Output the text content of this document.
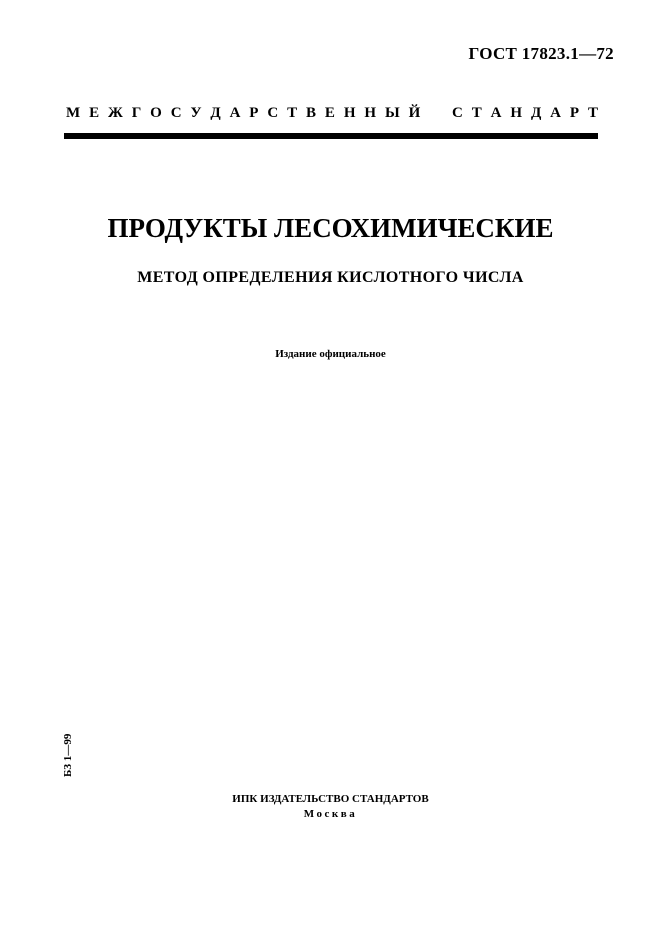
ГОСТ 17823.1—72
М Е Ж Г О С У Д А Р С Т В Е Н Н Ы Й С Т А Н Д А Р Т
ПРОДУКТЫ ЛЕСОХИМИЧЕСКИЕ
МЕТОД ОПРЕДЕЛЕНИЯ КИСЛОТНОГО ЧИСЛА
Издание официальное
БЗ 1—99
ИПК ИЗДАТЕЛЬСТВО СТАНДАРТОВ
Москва
